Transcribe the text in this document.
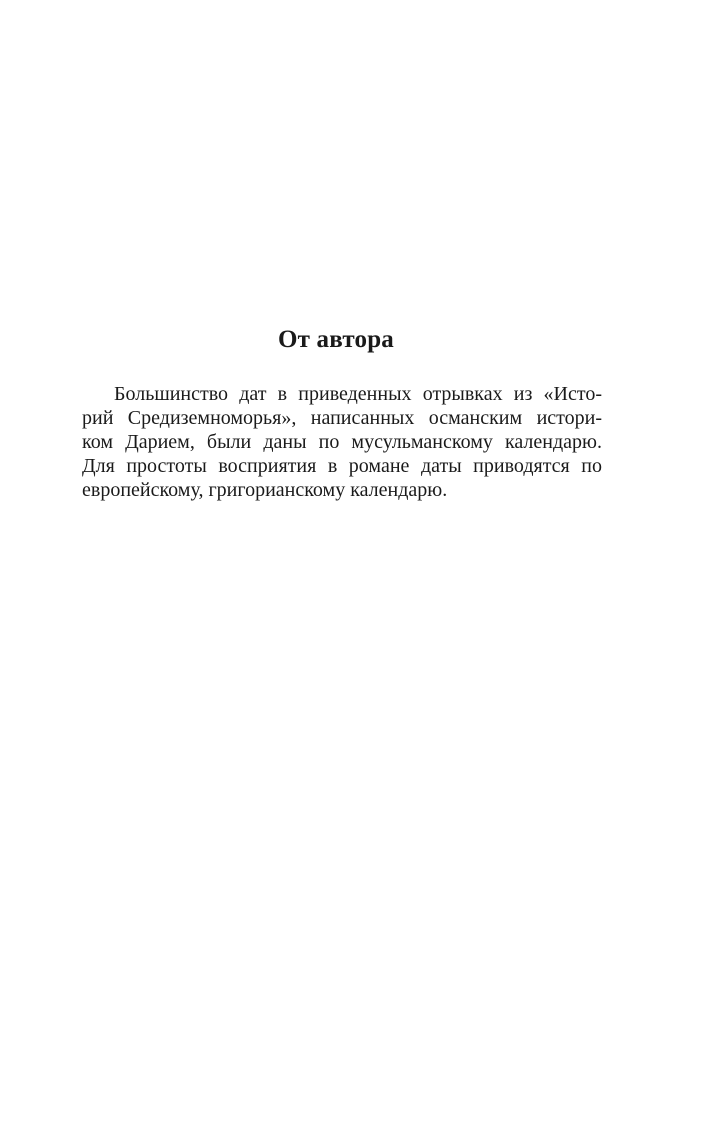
От автора
Большинство дат в приведенных отрывках из «Исто-
рий Средиземноморья», написанных османским истори-
ком Дарием, были даны по мусульманскому календарю.
Для простоты восприятия в романе даты приводятся по
европейскому, григорианскому календарю.
